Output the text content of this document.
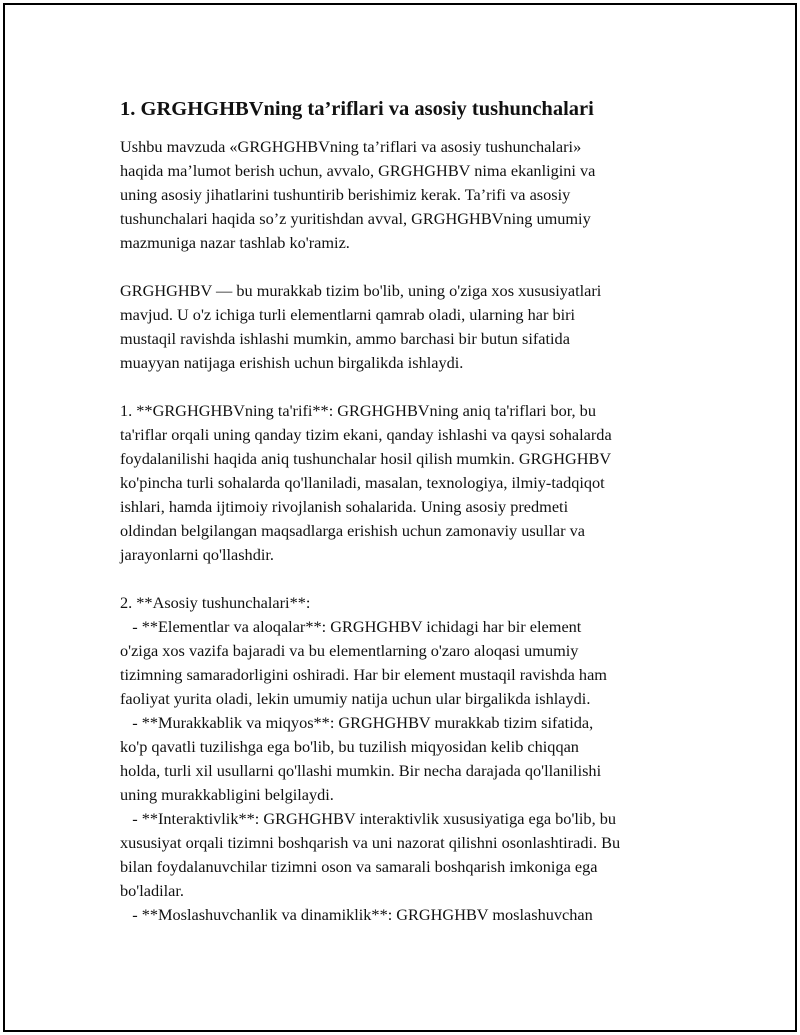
1. GRGHGHBVning ta’riflari va asosiy tushunchalari

Ushbu mavzuda «GRGHGHBVning ta’riflari va asosiy tushunchalari»
haqida ma’lumot berish uchun, avvalo, GRGHGHBV nima ekanligini va
uning asosiy jihatlarini tushuntirib berishimiz kerak. Ta’rifi va asosiy
tushunchalari haqida so’z yuritishdan avval, GRGHGHBVning umumiy
mazmuniga nazar tashlab ko'ramiz.

GRGHGHBV — bu murakkab tizim bo'lib, uning o'ziga xos xususiyatlari
mavjud. U o'z ichiga turli elementlarni qamrab oladi, ularning har biri
mustaqil ravishda ishlashi mumkin, ammo barchasi bir butun sifatida
muayyan natijaga erishish uchun birgalikda ishlaydi.

1. **GRGHGHBVning ta'rifi**: GRGHGHBVning aniq ta'riflari bor, bu
ta'riflar orqali uning qanday tizim ekani, qanday ishlashi va qaysi sohalarda
foydalanilishi haqida aniq tushunchalar hosil qilish mumkin. GRGHGHBV
ko'pincha turli sohalarda qo'llaniladi, masalan, texnologiya, ilmiy-tadqiqot
ishlari, hamda ijtimoiy rivojlanish sohalarida. Uning asosiy predmeti
oldindan belgilangan maqsadlarga erishish uchun zamonaviy usullar va
jarayonlarni qo'llashdir.

2. **Asosiy tushunchalari**:
- **Elementlar va aloqalar**: GRGHGHBV ichidagi har bir element
o'ziga xos vazifa bajaradi va bu elementlarning o'zaro aloqasi umumiy
tizimning samaradorligini oshiradi. Har bir element mustaqil ravishda ham
faoliyat yurita oladi, lekin umumiy natija uchun ular birgalikda ishlaydi.
- **Murakkablik va miqyos**: GRGHGHBV murakkab tizim sifatida,
ko'p qavatli tuzilishga ega bo'lib, bu tuzilish miqyosidan kelib chiqqan
holda, turli xil usullarni qo'llashi mumkin. Bir necha darajada qo'llanilishi
uning murakkabligini belgilaydi.
- **Interaktivlik**: GRGHGHBV interaktivlik xususiyatiga ega bo'lib, bu
xususiyat orqali tizimni boshqarish va uni nazorat qilishni osonlashtiradi. Bu
bilan foydalanuvchilar tizimni oson va samarali boshqarish imkoniga ega
bo'ladilar.
- **Moslashuvchanlik va dinamiklik**: GRGHGHBV moslashuvchan
